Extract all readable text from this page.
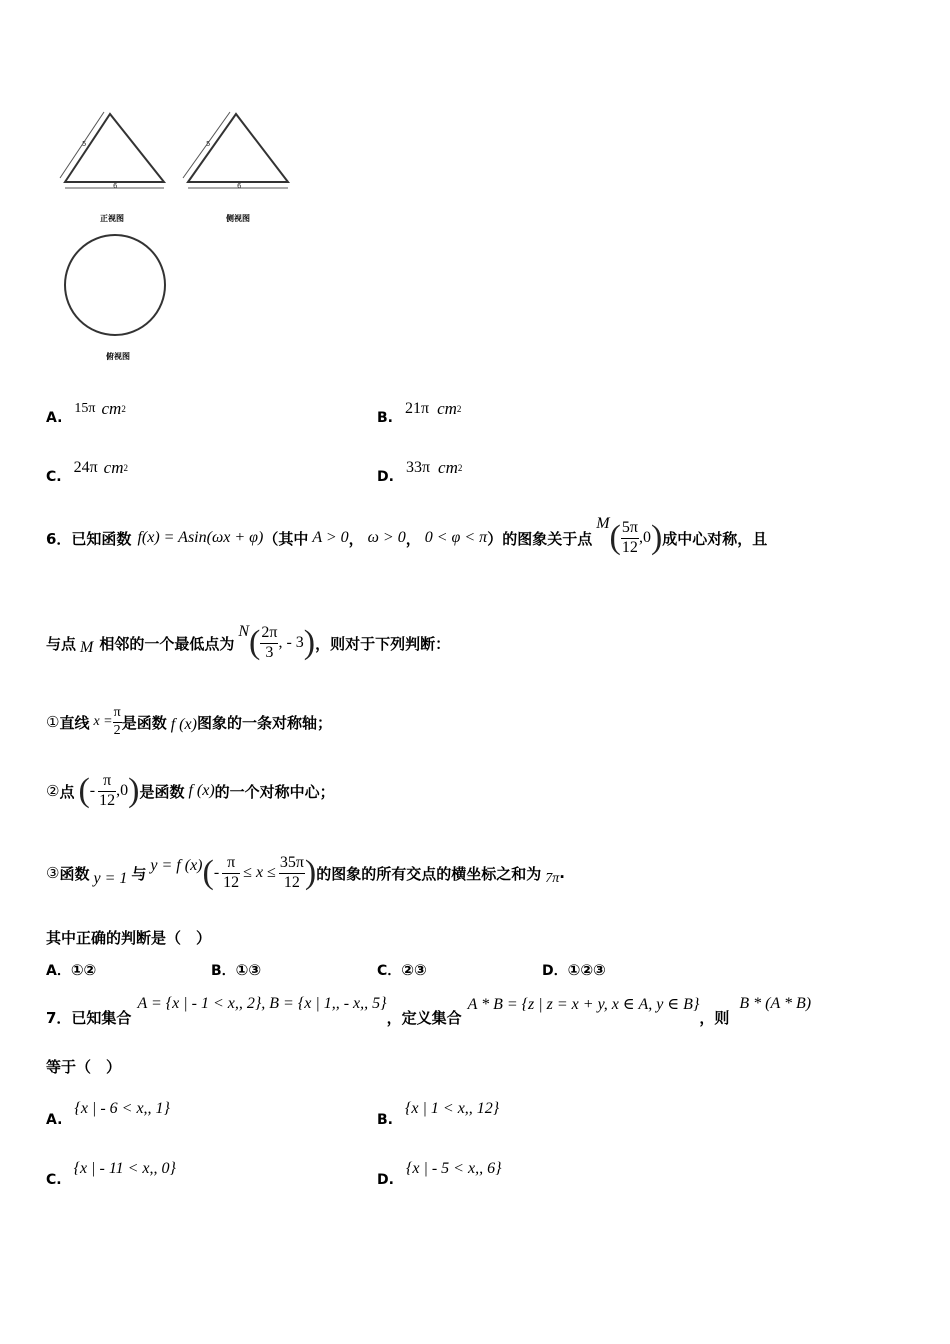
5
6
正视图
5
6
侧视图
俯视图
A.
15π cm 2
B.
21π cm 2
C.
24π cm 2
D.
33π cm 2
6．已知函数 f(x) = Asin(ωx + φ) （其中 A > 0 ， ω > 0 ， 0 < φ < π ）的图象关于点
M ( $\frac{5\pi}{12} ,0$ ) 成中心对称，且
与点 M 相邻的一个最低点为
N ( $\frac{2\pi}{3}$ , - 3 ) ，则对于下列判断：
① 直线 $x = \frac{\pi}{2}$ 是函数 f (x) 图象的一条对称轴；
② 点 ( - $\frac{\pi}{12} ,0$ ) 是函数 f (x) 的一个对称中心；
③ 函数 y = 1 与 y = f (x) ( - $\frac{\pi}{12} \le x \le \frac{35\pi}{12}$ ) 的图象的所有交点的横坐标之和为 7π .
其中正确的判断是（　）
A． ①②	B． ①③	C． ②③	D． ①②③
7．已知集合
A = {x | - 1 < x,, 2}, B = {x | 1,, - x,, 5}
，定义集合
A * B = {z | z = x + y, x ∈ A, y ∈ B}
，则
B * (A * B)
等于（　）
A.
{x | - 6 < x,, 1}
B.
{x | 1 < x,, 12}
C.
{x | - 11 < x,, 0}
D.
{x | - 5 < x,, 6}
